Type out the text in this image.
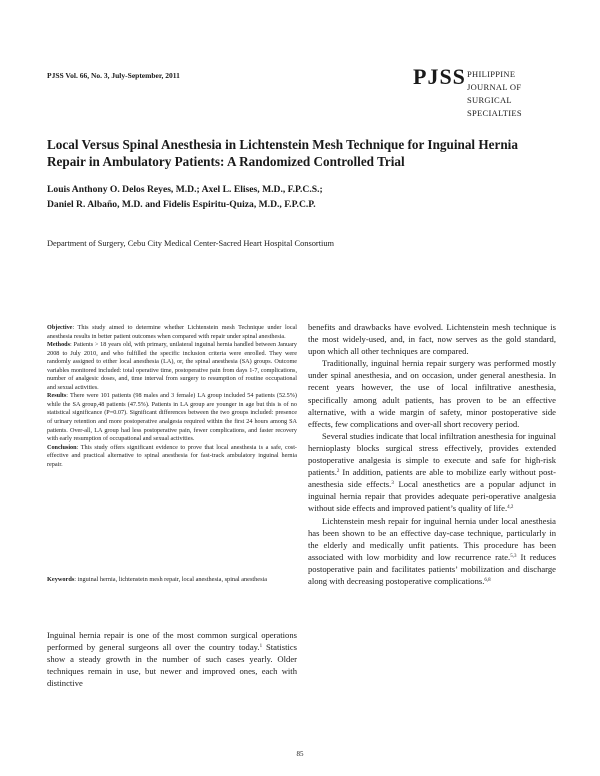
PJSS Vol. 66, No. 3, July-September, 2011	PJSS PHILIPPINE JOURNAL OF
SURGICAL SPECIALTIES
Local Versus Spinal Anesthesia in Lichtenstein Mesh Technique for Inguinal Hernia
Repair in Ambulatory Patients: A Randomized Controlled Trial
Louis Anthony O. Delos Reyes, M.D.; Axel L. Elises, M.D., F.P.C.S.;
Daniel R. Albaño, M.D. and Fidelis Espiritu-Quiza, M.D., F.P.C.P.
Department of Surgery, Cebu City Medical Center-Sacred Heart Hospital Consortium

Objective: This study aimed to determine whether Lichtenstein mesh Technique under local anesthesia results in better patient outcomes when compared with repair under spinal anesthesia.

Methods: Patients > 18 years old, with primary, unilateral inguinal hernia handled between January 2008 to July 2010, and who fulfilled the specific inclusion criteria were enrolled. They were randomly assigned to either local anesthesia (LA), or, the spinal anesthesia (SA) groups. Outcome variables monitored included: total operative time, postoperative pain from days 1-7, complications, number of analgesic doses, and, time interval from surgery to resumption of routine occupational and sexual activities.

Results: There were 101 patients (98 males and 3 female) LA group included 54 patients (52.5%) while the SA group,48 patients (47.5%). Patients in LA group are younger in age but this is of no statistical significance (P=0.07). Significant differences between the two groups included: presence of urinary retention and more postoperative analgesia required within the first 24 hours among SA patients. Over-all, LA group had less postoperative pain, fewer complications, and faster recovery with early resumption of occupational and sexual activities.

Conclusion: This study offers significant evidence to prove that local anesthesia is a safe, cost-effective and practical alternative to spinal anesthesia for fast-track ambulatory inguinal hernia repair.

Keywords: inguinal hernia, lichtenstein mesh repair, local anesthesia, spinal anesthesia
Inguinal hernia repair is one of the most common surgical operations performed by general surgeons all over the country today.$^1$ Statistics show a steady growth in the number of such cases yearly. Older techniques remain in use, but newer and improved ones, each with distinctive

benefits and drawbacks have evolved. Lichtenstein mesh technique is the most widely-used, and, in fact, now serves as the gold standard, upon which all other techniques are compared.

Traditionally, inguinal hernia repair surgery was performed mostly under spinal anesthesia, and on occasion, under general anesthesia. In recent years however, the use of local infiltrative anesthesia, specifically among adult patients, has proven to be an effective alternative, with a wide margin of safety, minor postoperative side effects, few complications and over-all short recovery period.

Several studies indicate that local infiltration anesthesia for inguinal hernioplasty blocks surgical stress effectively, provides extended postoperative analgesia is simple to execute and safe for high-risk patients.$^2$ In addition, patients are able to mobilize early without post-anesthesia side effects.$^3$ Local anesthetics are a popular adjunct in inguinal hernia repair that provides adequate peri-operative analgesia without side effects and improved patient’s quality of life.$^{4,2}$

Lichtenstein mesh repair for inguinal hernia under local anesthesia has been shown to be an effective day-case technique, particularly in the elderly and medically unfit patients. This procedure has been associated with low morbidity and low recurrence rate.$^{5,3}$ It reduces postoperative pain and facilitates patients’ mobilization and discharge along with decreasing postoperative complications.$^{6,8}$

85
